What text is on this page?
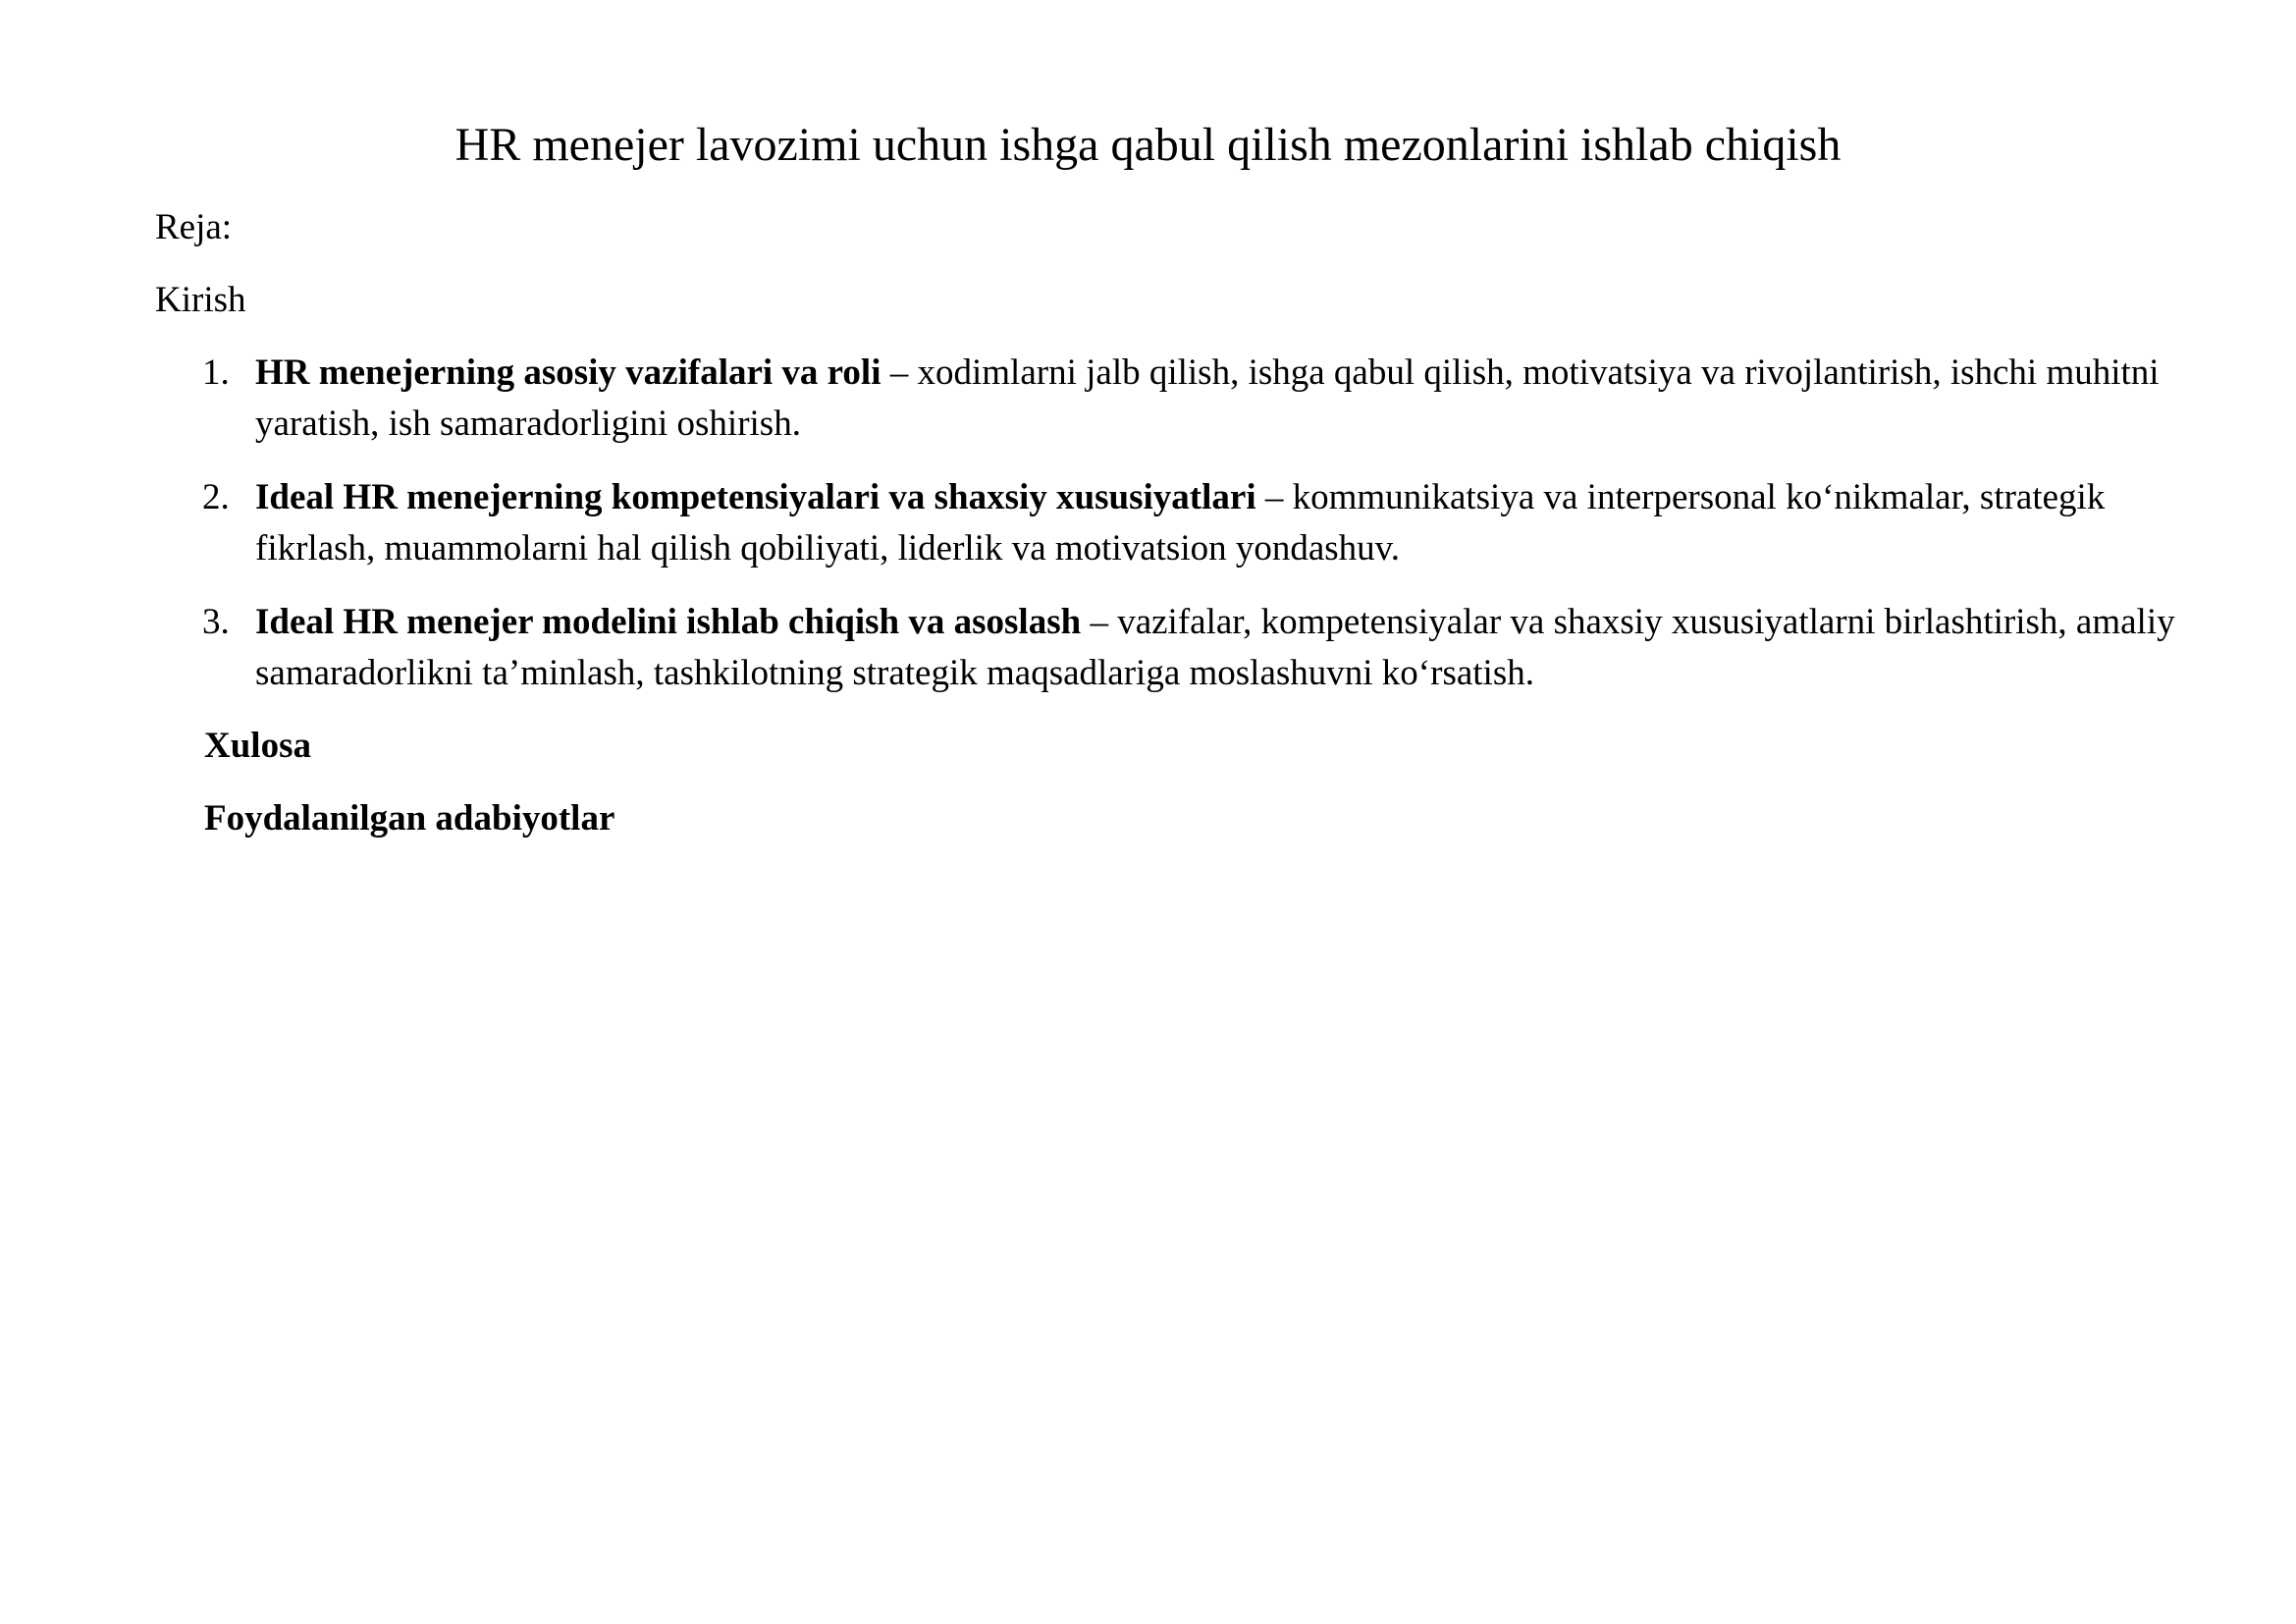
HR menejer lavozimi uchun ishga qabul qilish mezonlarini ishlab chiqish

Reja:

Kirish

1. HR menejerning asosiy vazifalari va roli – xodimlarni jalb qilish, ishga qabul qilish, motivatsiya va rivojlantirish, ishchi muhitni yaratish, ish samaradorligini oshirish.
2. Ideal HR menejerning kompetensiyalari va shaxsiy xususiyatlari – kommunikatsiya va interpersonal ko‘nikmalar, strategik fikrlash, muammolarni hal qilish qobiliyati, liderlik va motivatsion yondashuv.
3. Ideal HR menejer modelini ishlab chiqish va asoslash – vazifalar, kompetensiyalar va shaxsiy xususiyatlarni birlashtirish, amaliy samaradorlikni ta’minlash, tashkilotning strategik maqsadlariga moslashuvni ko‘rsatish.

Xulosa

Foydalanilgan adabiyotlar
